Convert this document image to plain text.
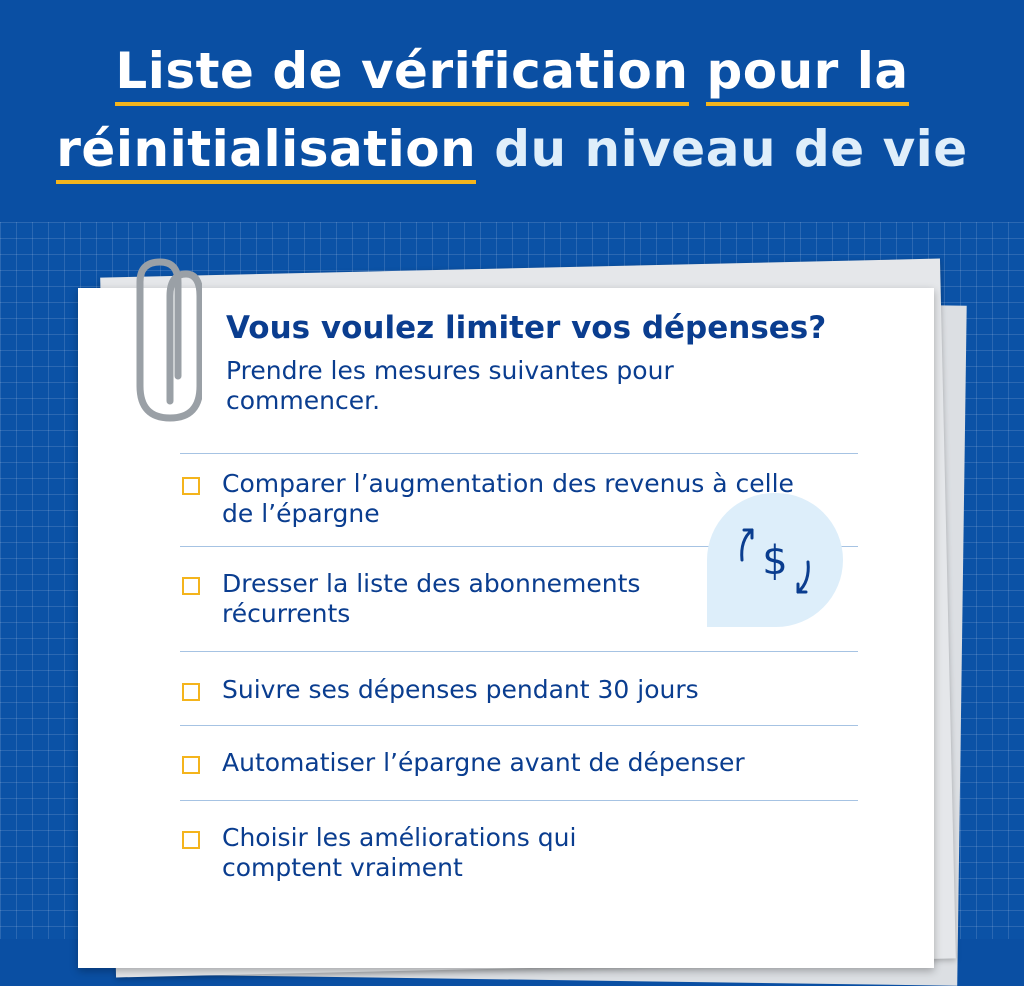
Liste de vérification pour la
réinitialisation du niveau de vie
Vous voulez limiter vos dépenses?
Prendre les mesures suivantes pour commencer.
$
Comparer l’augmentation des revenus à celle de l’épargne
Dresser la liste des abonnements récurrents
Suivre ses dépenses pendant 30 jours
Automatiser l’épargne avant de dépenser
Choisir les améliorations qui comptent vraiment
